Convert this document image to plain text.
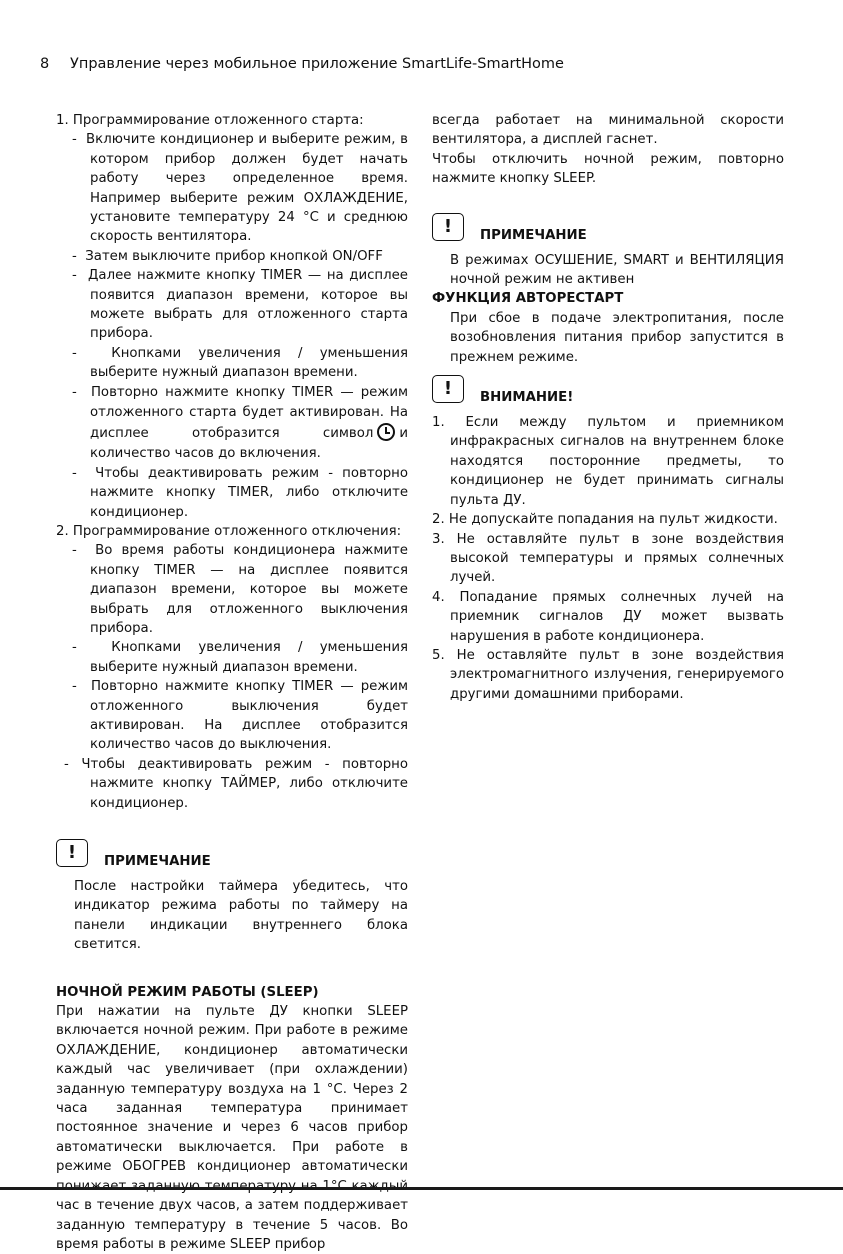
8 Управление через мобильное приложение SmartLife-SmartHome

1. Программирование отложенного старта:

-  Включите кондиционер и выберите режим, в котором прибор должен будет начать работу через определенное время. Например выберите режим ОХЛАЖДЕНИЕ, установите температуру 24 °С и среднюю скорость вентилятора.

-  Затем выключите прибор кнопкой ON/OFF

-  Далее нажмите кнопку TIMER — на дисплее появится диапазон времени, которое вы можете выбрать для отложенного старта прибора.

-  Кнопками увеличения / уменьшения выберите нужный диапазон времени.

-  Повторно нажмите кнопку TIMER — режим отложенного старта будет активирован. На дисплее отобразится символ и количество часов до включения.

-  Чтобы деактивировать режим - повторно нажмите кнопку TIMER, либо отключите кондиционер.

2. Программирование отложенного отключения:

-  Во время работы кондиционера нажмите кнопку TIMER — на дисплее появится диапазон времени, которое вы можете выбрать для отложенного выключения прибора.

-  Кнопками увеличения / уменьшения выберите нужный диапазон времени.

-  Повторно нажмите кнопку TIMER — режим отложенного выключения будет активирован. На дисплее отобразится количество часов до выключения.

- Чтобы деактивировать режим - повторно нажмите кнопку ТАЙМЕР, либо отключите кондиционер.

!	ПРИМЕЧАНИЕ

После настройки таймера убедитесь, что индикатор режима работы по таймеру на панели индикации внутреннего блока светится.

НОЧНОЙ РЕЖИМ РАБОТЫ (SLEEP)

При нажатии на пульте ДУ кнопки SLEEP включается ночной режим. При работе в режиме ОХЛАЖДЕНИЕ, кондиционер автоматически каждый час увеличивает (при охлаждении) заданную температуру воздуха на 1 °С. Через 2 часа заданная температура принимает постоянное значение и через 6 часов прибор автоматически выключается. При работе в режиме ОБОГРЕВ кондиционер автоматически час в течение двух часов, а затем поддерживает заданную температуру в течение 5 часов. Во время работы в режиме SLEEP прибор

всегда работает на минимальной скорости вентилятора, а дисплей гаснет.

Чтобы отключить ночной режим, повторно нажмите кнопку SLEEP.

!	ПРИМЕЧАНИЕ

В режимах ОСУШЕНИЕ, SMART и ВЕНТИЛЯЦИЯ ночной режим не активен

ФУНКЦИЯ АВТОРЕСТАРТ

При сбое в подаче электропитания, после возобновления питания прибор запустится в прежнем режиме.

!	ВНИМАНИЕ!

1. Если между пультом и приемником инфракрасных сигналов на внутреннем блоке находятся посторонние предметы, то кондиционер не будет принимать сигналы пульта ДУ.

2. Не допускайте попадания на пульт жидкости.

3. Не оставляйте пульт в зоне воздействия высокой температуры и прямых солнечных лучей.

4. Попадание прямых солнечных лучей на приемник сигналов ДУ может вызвать нарушения в работе кондиционера.

5. Не оставляйте пульт в зоне воздействия электромагнитного излучения, генерируемого другими домашними приборами.
